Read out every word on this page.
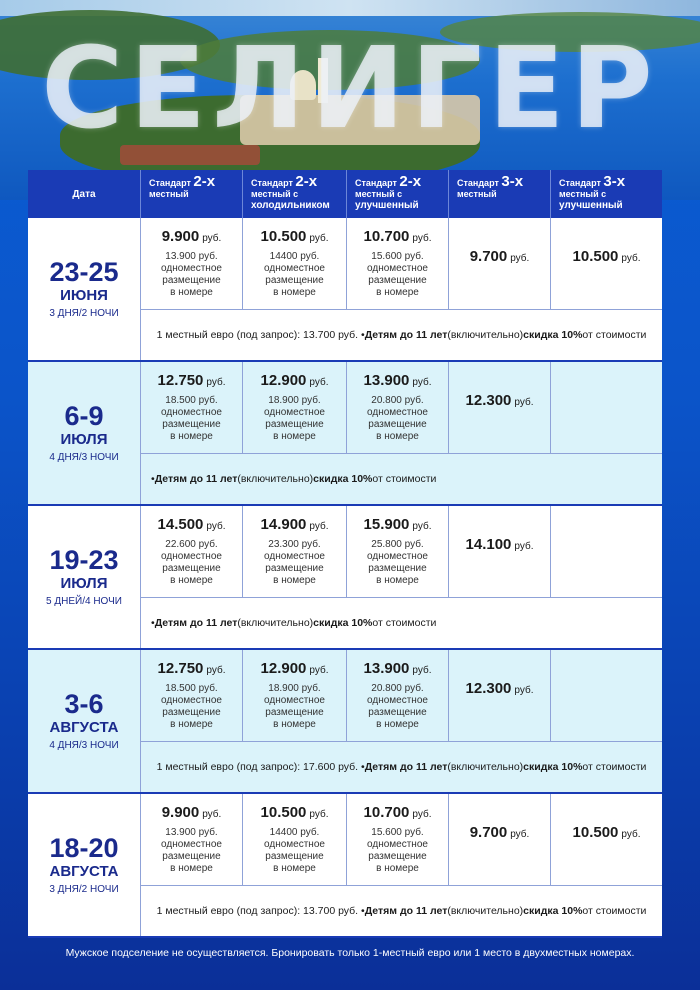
СЕЛИГЕР
Дата
Стандарт 2-х
местный
Стандарт 2-х
местный с
холодильником
Стандарт 2-х
местный с
улучшенный
Стандарт 3-х
местный
Стандарт 3-х
местный с
улучшенный
23-25
ИЮНЯ
3 ДНЯ/2 НОЧИ
9.900 руб.
13.900 руб.
одноместное
размещение
в номере
10.500 руб.
14400 руб.
одноместное
размещение
в номере
10.700 руб.
15.600 руб.
одноместное
размещение
в номере
9.700 руб.	10.500 руб.
1 местный евро (под запрос): 13.700 руб. • Детям до 11 лет (включительно) скидка 10% от стоимости
6-9
ИЮЛЯ
4 ДНЯ/3 НОЧИ
12.750 руб.
18.500 руб.
одноместное
размещение
в номере
12.900 руб.
18.900 руб.
одноместное
размещение
в номере
13.900 руб.
20.800 руб.
одноместное
размещение
в номере
12.300 руб.
• Детям до 11 лет (включительно) скидка 10% от стоимости
19-23
ИЮЛЯ
5 ДНЕЙ/4 НОЧИ
14.500 руб.
22.600 руб.
одноместное
размещение
в номере
14.900 руб.
23.300 руб.
одноместное
размещение
в номере
15.900 руб.
25.800 руб.
одноместное
размещение
в номере
14.100 руб.
• Детям до 11 лет (включительно) скидка 10% от стоимости
3-6
АВГУСТА
4 ДНЯ/3 НОЧИ
12.750 руб.
18.500 руб.
одноместное
размещение
в номере
12.900 руб.
18.900 руб.
одноместное
размещение
в номере
13.900 руб.
20.800 руб.
одноместное
размещение
в номере
12.300 руб.
1 местный евро (под запрос): 17.600 руб. • Детям до 11 лет (включительно) скидка 10% от стоимости
18-20
АВГУСТА
3 ДНЯ/2 НОЧИ
9.900 руб.
13.900 руб.
одноместное
размещение
в номере
10.500 руб.
14400 руб.
одноместное
размещение
в номере
10.700 руб.
15.600 руб.
одноместное
размещение
в номере
9.700 руб.	10.500 руб.
1 местный евро (под запрос): 13.700 руб. • Детям до 11 лет (включительно) скидка 10% от стоимости
Мужское подселение не осуществляется. Бронировать только 1-местный евро или 1 место в двухместных номерах.
